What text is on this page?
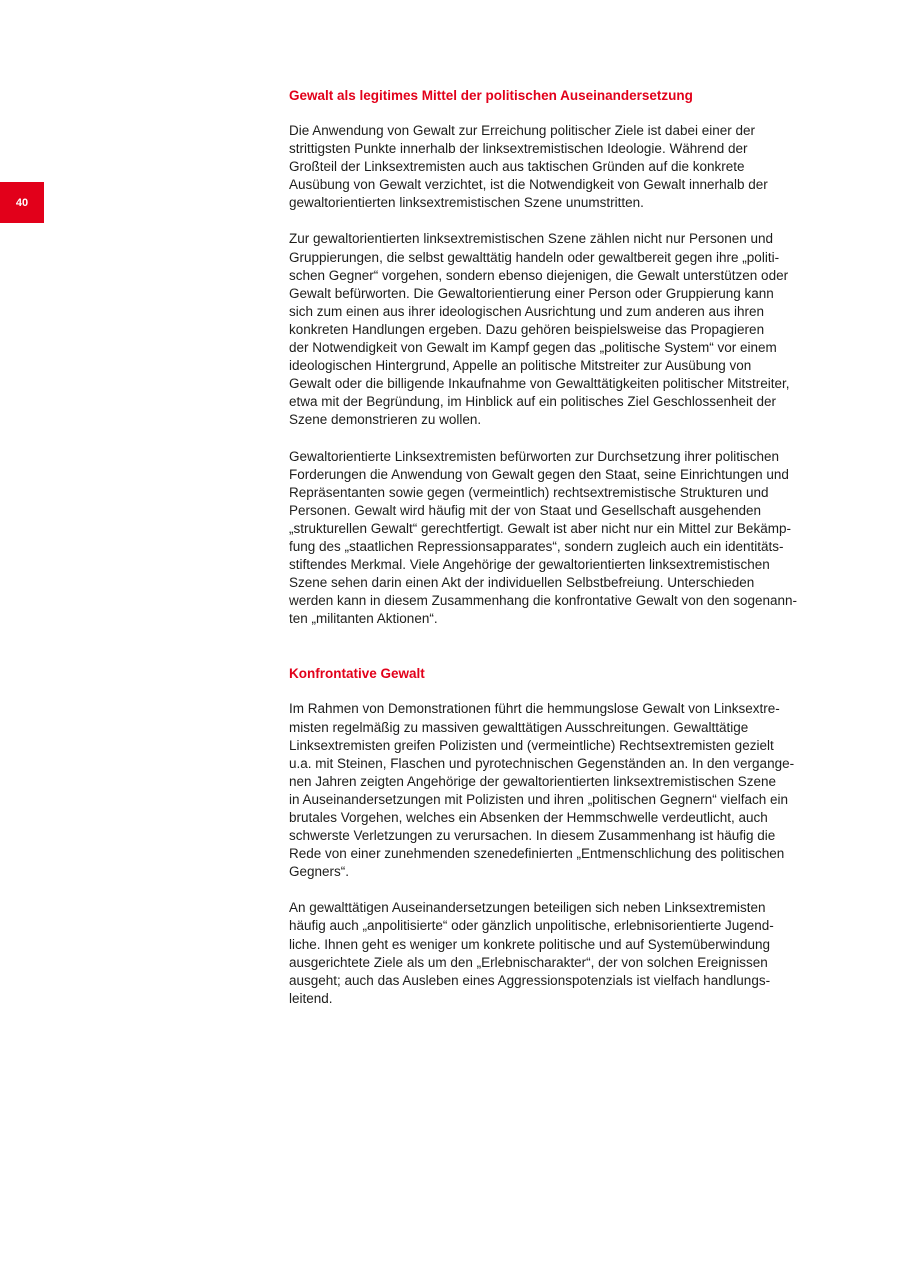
40
Gewalt als legitimes Mittel der politischen Auseinandersetzung

Die Anwendung von Gewalt zur Erreichung politischer Ziele ist dabei einer der
strittigsten Punkte innerhalb der linksextremistischen Ideologie. Während der
Großteil der Linksextremisten auch aus taktischen Gründen auf die konkrete
Ausübung von Gewalt verzichtet, ist die Notwendigkeit von Gewalt innerhalb der
gewaltorientierten linksextremistischen Szene unumstritten.

Zur gewaltorientierten linksextremistischen Szene zählen nicht nur Personen und
Gruppierungen, die selbst gewalttätig handeln oder gewaltbereit gegen ihre „politi-
schen Gegner“ vorgehen, sondern ebenso diejenigen, die Gewalt unterstützen oder
Gewalt befürworten. Die Gewaltorientierung einer Person oder Gruppierung kann
sich zum einen aus ihrer ideologischen Ausrichtung und zum anderen aus ihren
konkreten Handlungen ergeben. Dazu gehören beispielsweise das Propagieren
der Notwendigkeit von Gewalt im Kampf gegen das „politische System“ vor einem
ideologischen Hintergrund, Appelle an politische Mitstreiter zur Ausübung von
Gewalt oder die billigende Inkaufnahme von Gewalttätigkeiten politischer Mitstreiter,
etwa mit der Begründung, im Hinblick auf ein politisches Ziel Geschlossenheit der
Szene demonstrieren zu wollen.

Gewaltorientierte Linksextremisten befürworten zur Durchsetzung ihrer politischen
Forderungen die Anwendung von Gewalt gegen den Staat, seine Einrichtungen und
Repräsentanten sowie gegen (vermeintlich) rechtsextremistische Strukturen und
Personen. Gewalt wird häufig mit der von Staat und Gesellschaft ausgehenden
„strukturellen Gewalt“ gerechtfertigt. Gewalt ist aber nicht nur ein Mittel zur Bekämp-
fung des „staatlichen Repressionsapparates“, sondern zugleich auch ein identitäts-
stiftendes Merkmal. Viele Angehörige der gewaltorientierten linksextremistischen
Szene sehen darin einen Akt der individuellen Selbstbefreiung. Unterschieden
werden kann in diesem Zusammenhang die konfrontative Gewalt von den sogenann-
ten „militanten Aktionen“.

Konfrontative Gewalt

Im Rahmen von Demonstrationen führt die hemmungslose Gewalt von Linksextre-
misten regelmäßig zu massiven gewalttätigen Ausschreitungen. Gewalttätige
Linksextremisten greifen Polizisten und (vermeintliche) Rechtsextremisten gezielt
u.a. mit Steinen, Flaschen und pyrotechnischen Gegenständen an. In den vergange-
nen Jahren zeigten Angehörige der gewaltorientierten linksextremistischen Szene
in Auseinandersetzungen mit Polizisten und ihren „politischen Gegnern“ vielfach ein
brutales Vorgehen, welches ein Absenken der Hemmschwelle verdeutlicht, auch
schwerste Verletzungen zu verursachen. In diesem Zusammenhang ist häufig die
Rede von einer zunehmenden szenedefinierten „Entmenschlichung des politischen
Gegners“.

An gewalttätigen Auseinandersetzungen beteiligen sich neben Linksextremisten
häufig auch „anpolitisierte“ oder gänzlich unpolitische, erlebnisorientierte Jugend-
liche. Ihnen geht es weniger um konkrete politische und auf Systemüberwindung
ausgerichtete Ziele als um den „Erlebnischarakter“, der von solchen Ereignissen
ausgeht; auch das Ausleben eines Aggressionspotenzials ist vielfach handlungs-
leitend.
